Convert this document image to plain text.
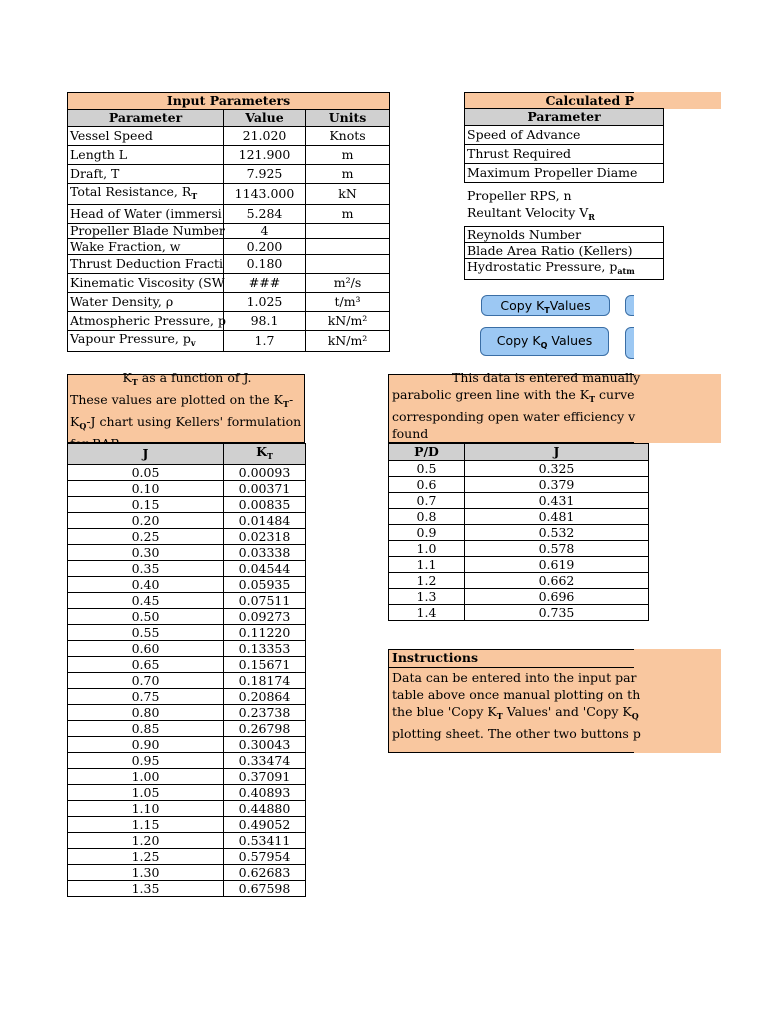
Input Parameters		
Parameter	Value	Units
Vessel Speed	21.020	Knots
Length L	121.900	m
Draft, T	7.925	m
Total Resistance, $R_T$	1143.000	kN
Head of Water (immersi	5.284	m
Propeller Blade Number	4	
Wake Fraction, w	0.200	
Thrust Deduction Fracti	0.180	
Kinematic Viscosity (SW	###	m²/s
Water Density, ρ	1.025	t/m³
Atmospheric Pressure, p	98.1	kN/m²
Vapour Pressure, $p_v$	1.7	kN/m²
Calculated P
Parameter
Speed of Advance
Thrust Required
Maximum Propeller Diame
Propeller RPS, n
Reultant Velocity $V_R$
Reynolds Number
Blade Area Ratio (Kellers)
Hydrostatic Pressure, $p_{atm}$
Copy $K_TValues$
Copy $K_Q$ Values
$K_T$ as a function of J.
These values are plotted on the $K_T-$
$K_Q-J$ chart using Kellers' formulation
J	$K_T$
0.05	0.00093
0.10	0.00371
0.15	0.00835
0.20	0.01484
0.25	0.02318
0.30	0.03338
0.35	0.04544
0.40	0.05935
0.45	0.07511
0.50	0.09273
0.55	0.11220
0.60	0.13353
0.65	0.15671
0.70	0.18174
0.75	0.20864
0.80	0.23738
0.85	0.26798
0.90	0.30043
0.95	0.33474
1.00	0.37091
1.05	0.40893
1.10	0.44880
1.15	0.49052
1.20	0.53411
1.25	0.57954
1.30	0.62683
1.35	0.67598
This data is entered manually
parabolic green line with the $K_T$ curve
corresponding open water efficiency v
found
P/D	J
0.5	0.325
0.6	0.379
0.7	0.431
0.8	0.481
0.9	0.532
1.0	0.578
1.1	0.619
1.2	0.662
1.3	0.696
1.4	0.735
Instructions
Data can be entered into the input par
table above once manual plotting on th
the blue 'Copy $K_T$ Values' and 'Copy $K_Q$
plotting sheet. The other two buttons p
